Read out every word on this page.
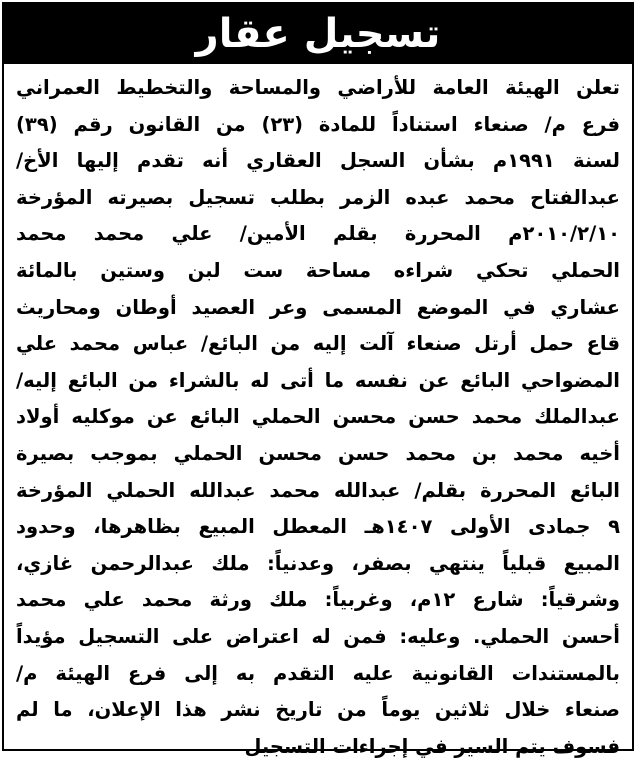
تسجيل عقار
تعلن الهيئة العامة للأراضي والمساحة والتخطيط العمراني
فرع م/ صنعاء استناداً للمادة (٢٣) من القانون رقم (٣٩)
لسنة ١٩٩١م بشأن السجل العقاري أنه تقدم إليها الأخ/
عبدالفتاح محمد عبده الزمر بطلب تسجيل بصيرته المؤرخة
٢٠١٠/٢/١٠م المحررة بقلم الأمين/ علي محمد محمد
الحملي تحكي شراءه مساحة ست لبن وستين بالمائة
عشاري في الموضع المسمى وعر العصيد أوطان ومحاريث
قاع حمل أرتل صنعاء آلت إليه من البائع/ عباس محمد علي
المضواحي البائع عن نفسه ما أتى له بالشراء من البائع إليه/
عبدالملك محمد حسن محسن الحملي البائع عن موكليه أولاد
أخيه محمد بن محمد حسن محسن الحملي بموجب بصيرة
البائع المحررة بقلم/ عبدالله محمد عبدالله الحملي المؤرخة
٩ جمادى الأولى ١٤٠٧هـ المعطل المبيع بظاهرها، وحدود
المبيع قبلياً ينتهي بصفر، وعدنياً: ملك عبدالرحمن غازي،
وشرقياً: شارع ١٢م، وغربياً: ملك ورثة محمد علي محمد
أحسن الحملي. وعليه: فمن له اعتراض على التسجيل مؤيداً
بالمستندات القانونية عليه التقدم به إلى فرع الهيئة م/
صنعاء خلال ثلاثين يوماً من تاريخ نشر هذا الإعلان، ما لم
فسوف يتم السير في إجراءات التسجيل
